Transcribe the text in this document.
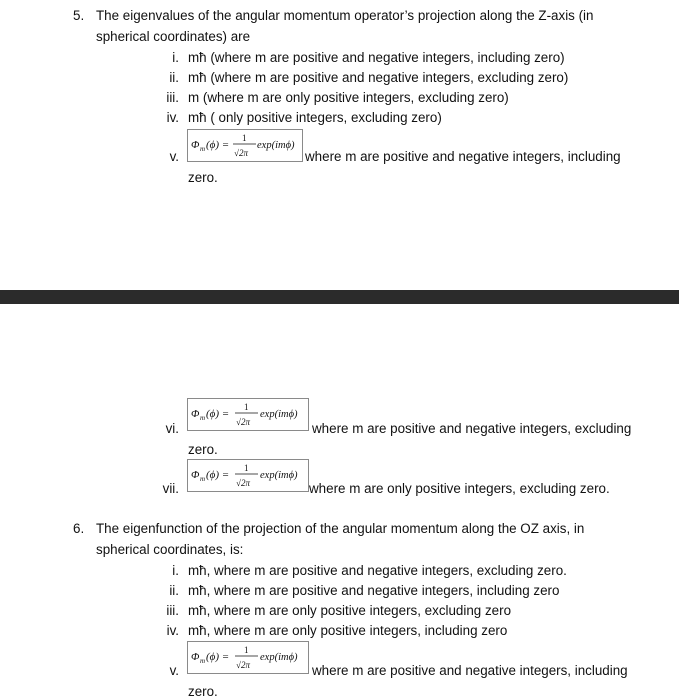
5. The eigenvalues of the angular momentum operator’s projection along the Z-axis (in
spherical coordinates) are
i. mħ (where m are positive and negative integers, including zero)
ii. mħ (where m are positive and negative integers, excluding zero)
iii. m (where m are only positive integers, excluding zero)
iv. mħ ( only positive integers, excluding zero)
v.
Φ m (ϕ) =
1
√2π
exp(imϕ)
where m are positive and negative integers, including
zero.
vi.
Φ m (ϕ) =
1
√2π
exp(imϕ)
where m are positive and negative integers, excluding
zero.
vii.
Φ m (ϕ) =
1
√2π
exp(imϕ)
where m are only positive integers, excluding zero.
6. The eigenfunction of the projection of the angular momentum along the OZ axis, in
spherical coordinates, is:
i. mħ, where m are positive and negative integers, excluding zero.
ii. mħ, where m are positive and negative integers, including zero
iii. mħ, where m are only positive integers, excluding zero
iv. mħ, where m are only positive integers, including zero
v.
Φ m (ϕ) =
1
√2π
exp(imϕ)
where m are positive and negative integers, including
zero.
